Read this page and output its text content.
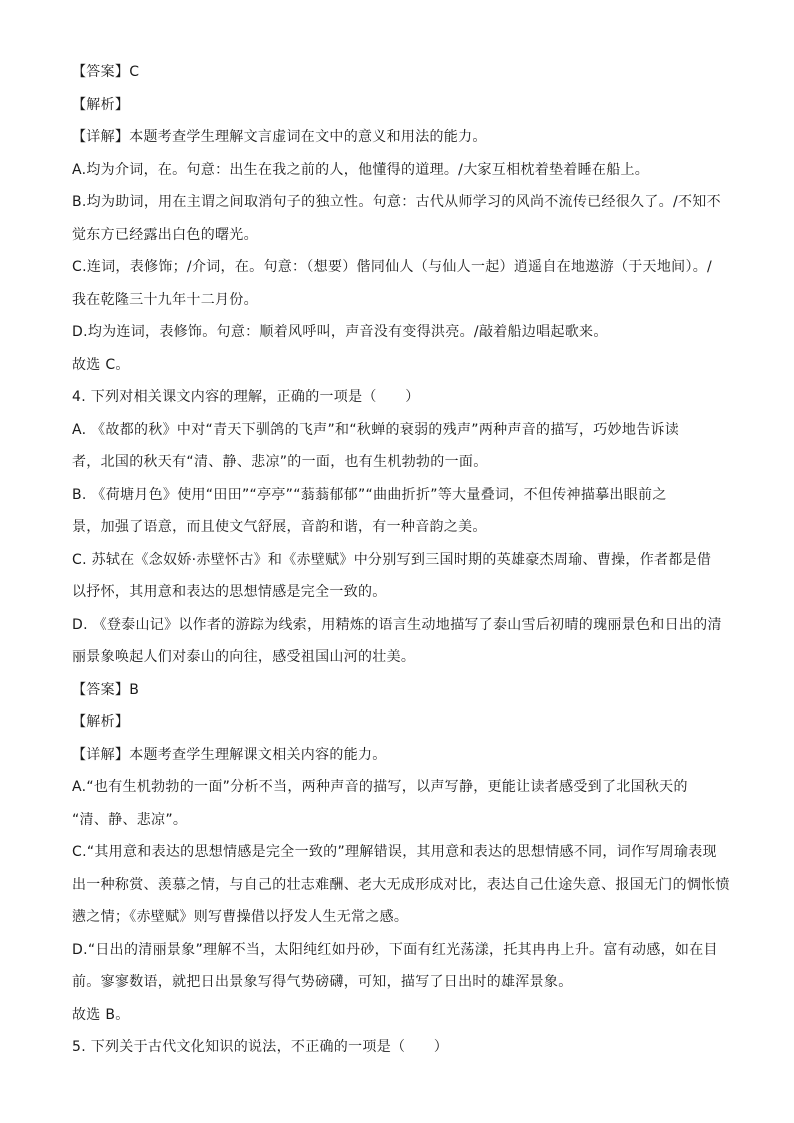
【答案】C
【解析】
【详解】本题考查学生理解文言虚词在文中的意义和用法的能力。
A.均为介词，在。句意：出生在我之前的人，他懂得的道理。/大家互相枕着垫着睡在船上。
B.均为助词，用在主谓之间取消句子的独立性。句意：古代从师学习的风尚不流传已经很久了。/不知不
觉东方已经露出白色的曙光。
C.连词，表修饰；/介词，在。句意：（想要）偕同仙人（与仙人一起）逍遥自在地遨游（于天地间）。/
我在乾隆三十九年十二月份。
D.均为连词，表修饰。句意：顺着风呼叫，声音没有变得洪亮。/敲着船边唱起歌来。
故选 C。
4. 下列对相关课文内容的理解，正确的一项是（　　）
A. 《故都的秋》中对“青天下驯鸽的飞声”和“秋蝉的衰弱的残声”两种声音的描写，巧妙地告诉读
者，北国的秋天有“清、静、悲凉”的一面，也有生机勃勃的一面。
B. 《荷塘月色》使用“田田”“亭亭”“蓊蓊郁郁”“曲曲折折”等大量叠词，不但传神描摹出眼前之
景，加强了语意，而且使文气舒展，音韵和谐，有一种音韵之美。
C. 苏轼在《念奴娇·赤壁怀古》和《赤壁赋》中分别写到三国时期的英雄豪杰周瑜、曹操，作者都是借
以抒怀，其用意和表达的思想情感是完全一致的。
D. 《登泰山记》以作者的游踪为线索，用精炼的语言生动地描写了泰山雪后初晴的瑰丽景色和日出的清
丽景象唤起人们对泰山的向往，感受祖国山河的壮美。
【答案】B
【解析】
【详解】本题考查学生理解课文相关内容的能力。
A.“也有生机勃勃的一面”分析不当，两种声音的描写，以声写静，更能让读者感受到了北国秋天的
“清、静、悲凉”。
C.“其用意和表达的思想情感是完全一致的”理解错误，其用意和表达的思想情感不同，词作写周瑜表现
出一种称赏、羡慕之情，与自己的壮志难酬、老大无成形成对比，表达自己仕途失意、报国无门的惆怅愤
懑之情；《赤壁赋》则写曹操借以抒发人生无常之感。
D.“日出的清丽景象”理解不当，太阳纯红如丹砂，下面有红光荡漾，托其冉冉上升。富有动感，如在目
前。寥寥数语，就把日出景象写得气势磅礴，可知，描写了日出时的雄浑景象。
故选 B。
5. 下列关于古代文化知识的说法，不正确的一项是（　　）
